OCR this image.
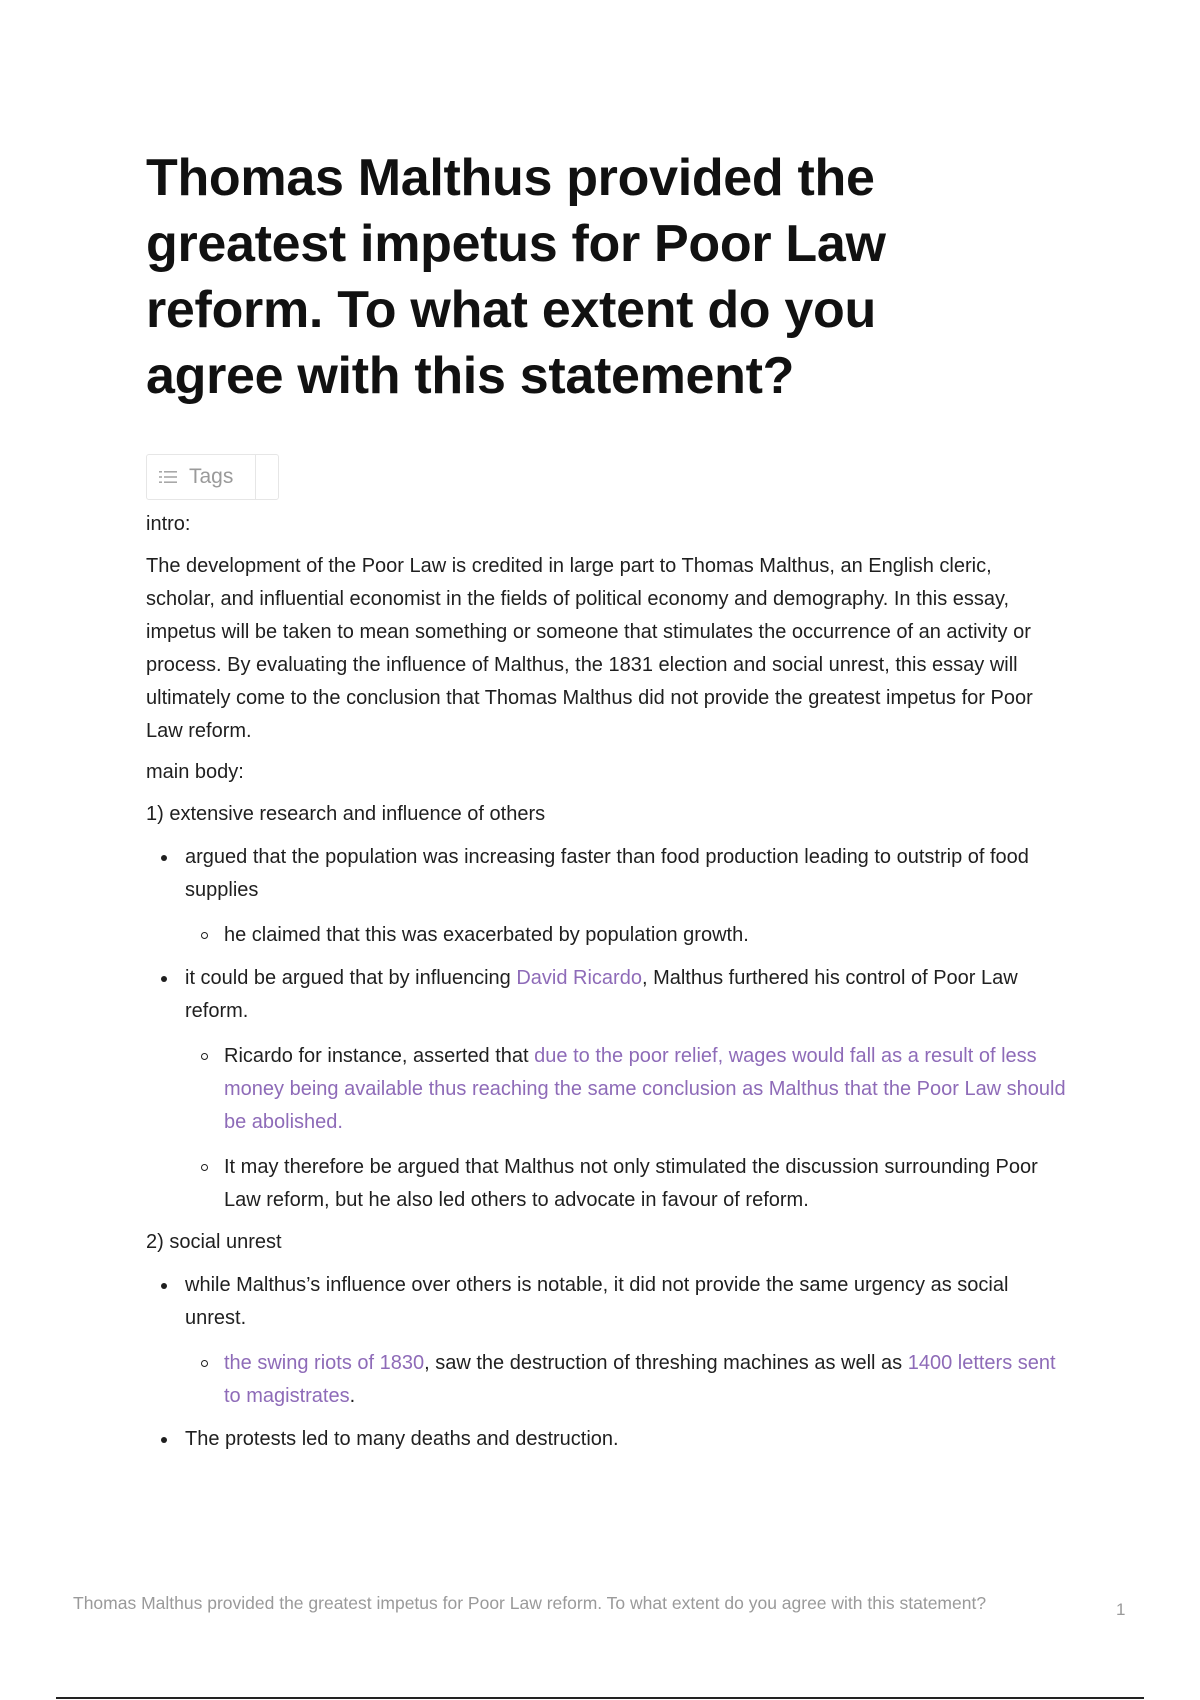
Thomas Malthus provided the greatest impetus for Poor Law reform. To what extent do you agree with this statement?
Tags

intro:

The development of the Poor Law is credited in large part to Thomas Malthus, an English cleric, scholar, and influential economist in the fields of political economy and demography. In this essay, impetus will be taken to mean something or someone that stimulates the occurrence of an activity or process. By evaluating the influence of Malthus, the 1831 election and social unrest, this essay will ultimately come to the conclusion that Thomas Malthus did not provide the greatest impetus for Poor Law reform.

main body:

1) extensive research and influence of others

argued that the population was increasing faster than food production leading to outstrip of food supplies
he claimed that this was exacerbated by population growth.
it could be argued that by influencing David Ricardo, Malthus furthered his control of Poor Law reform.
Ricardo for instance, asserted that due to the poor relief, wages would fall as a result of less money being available thus reaching the same conclusion as Malthus that the Poor Law should be abolished.
It may therefore be argued that Malthus not only stimulated the discussion surrounding Poor Law reform, but he also led others to advocate in favour of reform.

2) social unrest

while Malthus’s influence over others is notable, it did not provide the same urgency as social unrest.
the swing riots of 1830, saw the destruction of threshing machines as well as 1400 letters sent to magistrates.
The protests led to many deaths and destruction.
Thomas Malthus provided the greatest impetus for Poor Law reform. To what extent do you agree with this statement?	1
